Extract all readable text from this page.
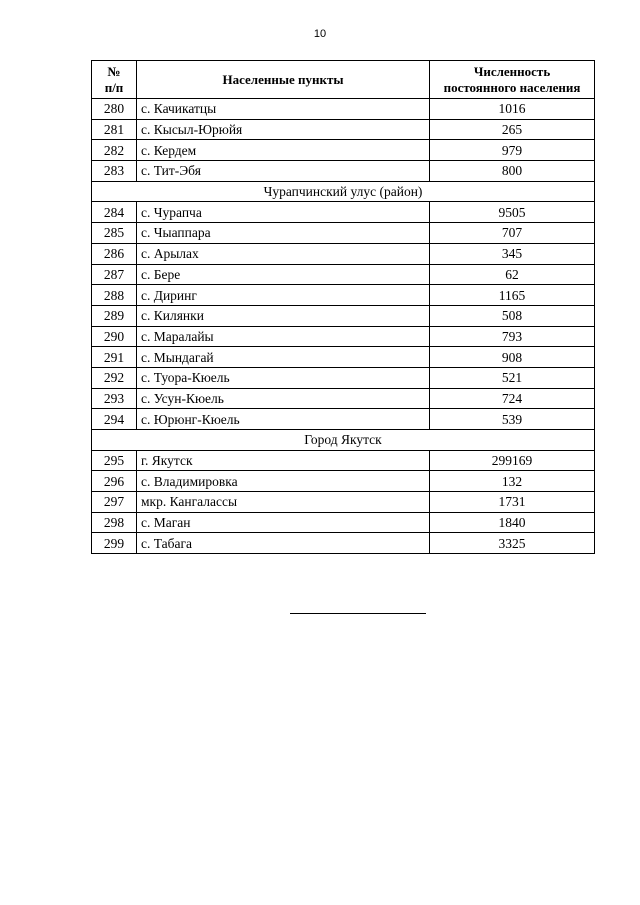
10
№
п/п	Населенные пункты	Численность
постоянного населения
280	с. Качикатцы	1016
281	с. Кысыл-Юрюйя	265
282	с. Кердем	979
283	с. Тит-Эбя	800
Чурапчинский улус (район)		
284	с. Чурапча	9505
285	с. Чыаппара	707
286	с. Арылах	345
287	с. Бере	62
288	с. Диринг	1165
289	с. Килянки	508
290	с. Маралайы	793
291	с. Мындагай	908
292	с. Туора-Кюель	521
293	с. Усун-Кюель	724
294	с. Юрюнг-Кюель	539
Город Якутск		
295	г. Якутск	299169
296	с. Владимировка	132
297	мкр. Кангалассы	1731
298	с. Маган	1840
299	с. Табага	3325
